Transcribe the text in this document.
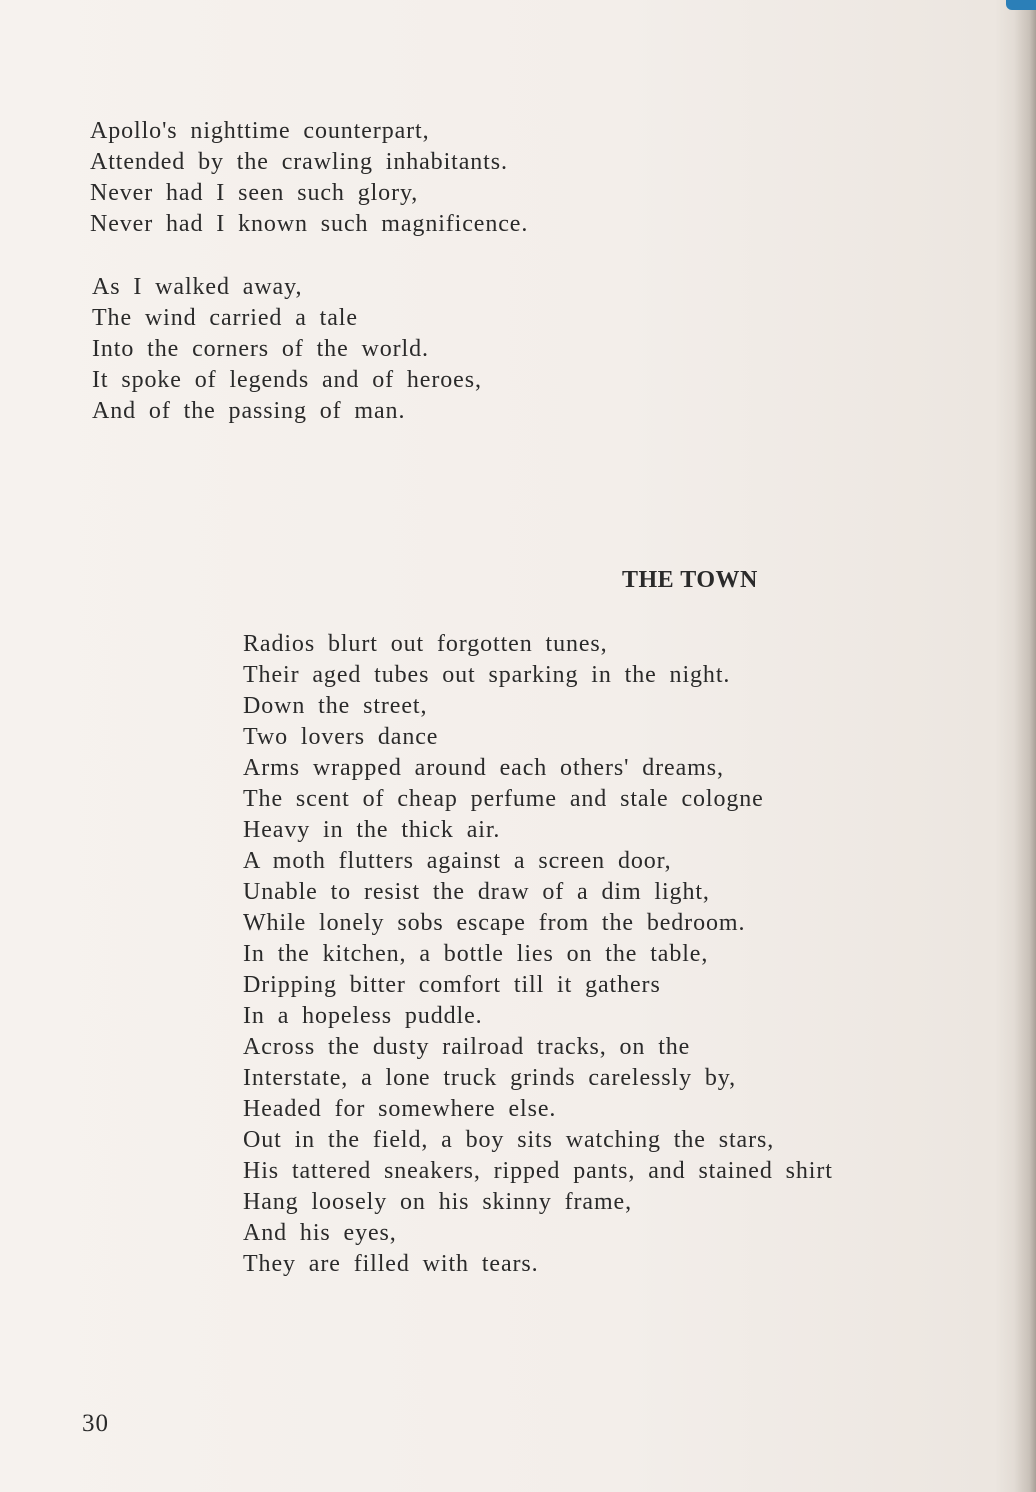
Apollo's nighttime counterpart,
Attended by the crawling inhabitants.
Never had I seen such glory,
Never had I known such magnificence.
As I walked away,
The wind carried a tale
Into the corners of the world.
It spoke of legends and of heroes,
And of the passing of man.
THE TOWN
Radios blurt out forgotten tunes,
Their aged tubes out sparking in the night.
Down the street,
Two lovers dance
Arms wrapped around each others' dreams,
The scent of cheap perfume and stale cologne
Heavy in the thick air.
A moth flutters against a screen door,
Unable to resist the draw of a dim light,
While lonely sobs escape from the bedroom.
In the kitchen, a bottle lies on the table,
Dripping bitter comfort till it gathers
In a hopeless puddle.
Across the dusty railroad tracks, on the
Interstate, a lone truck grinds carelessly by,
Headed for somewhere else.
Out in the field, a boy sits watching the stars,
His tattered sneakers, ripped pants, and stained shirt
Hang loosely on his skinny frame,
And his eyes,
They are filled with tears.
30
